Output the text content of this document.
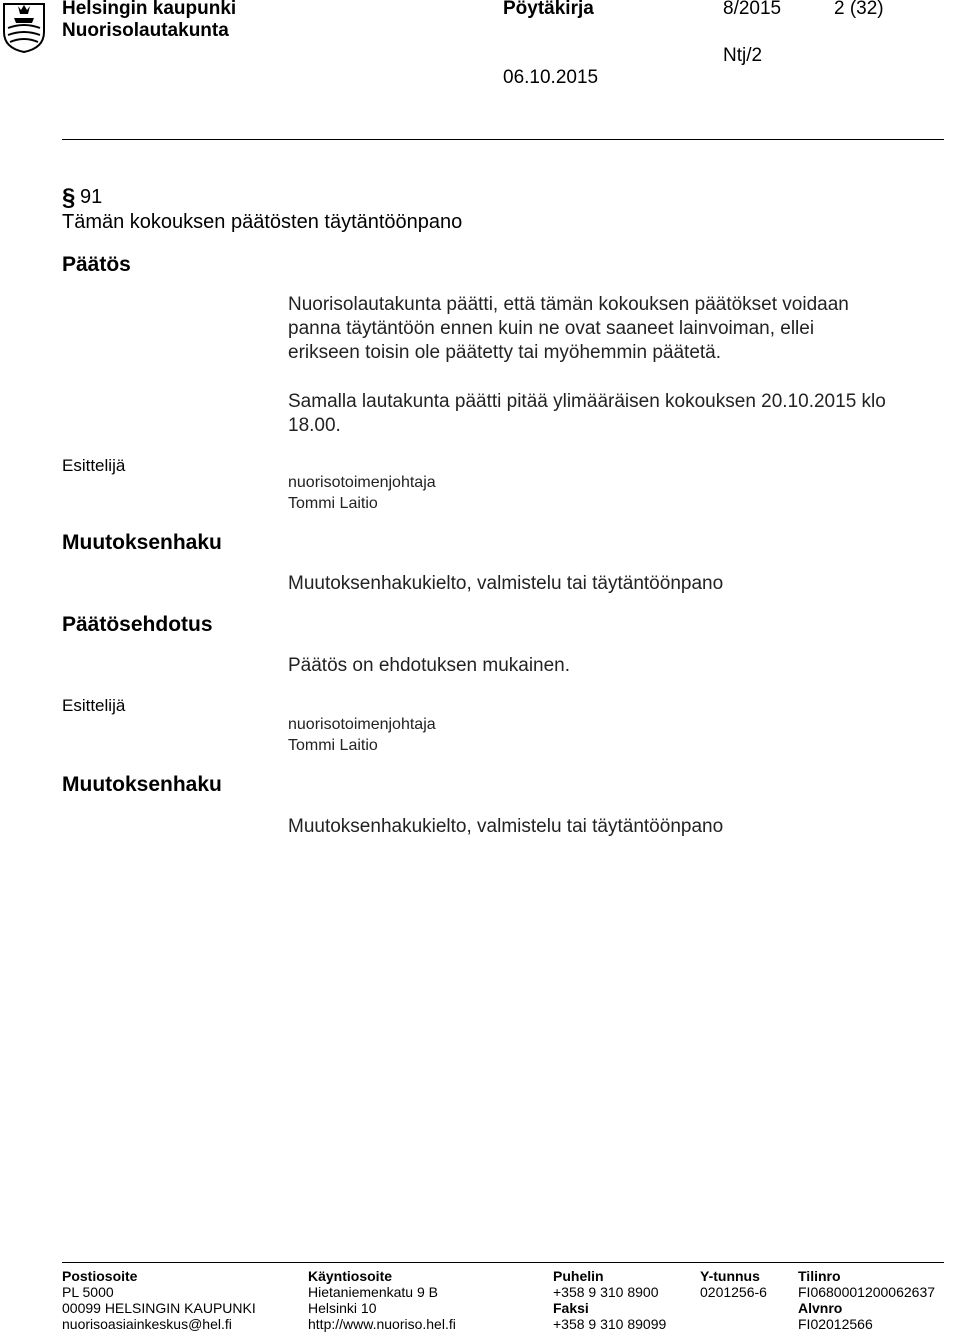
Helsingin kaupunki
Nuorisolautakunta
Pöytäkirja	8/2015	2 (32)
Ntj/2
06.10.2015
§ 91
Tämän kokouksen päätösten täytäntöönpano
Päätös
Nuorisolautakunta päätti, että tämän kokouksen päätökset voidaan
panna täytäntöön ennen kuin ne ovat saaneet lainvoiman, ellei
erikseen toisin ole päätetty tai myöhemmin päätetä.
Samalla lautakunta päätti pitää ylimääräisen kokouksen 20.10.2015 klo
18.00.
Esittelijä
nuorisotoimenjohtaja
Tommi Laitio
Muutoksenhaku
Muutoksenhakukielto, valmistelu tai täytäntöönpano
Päätösehdotus
Päätös on ehdotuksen mukainen.
Esittelijä
nuorisotoimenjohtaja
Tommi Laitio
Muutoksenhaku
Muutoksenhakukielto, valmistelu tai täytäntöönpano
Postiosoite
PL 5000
00099 HELSINGIN KAUPUNKI
nuorisoasiainkeskus@hel.fi
Käyntiosoite
Hietaniemenkatu 9 B
Helsinki 10
http://www.nuoriso.hel.fi
Puhelin
+358 9 310 8900
Faksi
+358 9 310 89099
Y-tunnus
0201256-6
Tilinro
FI0680001200062637
Alvnro
FI02012566
